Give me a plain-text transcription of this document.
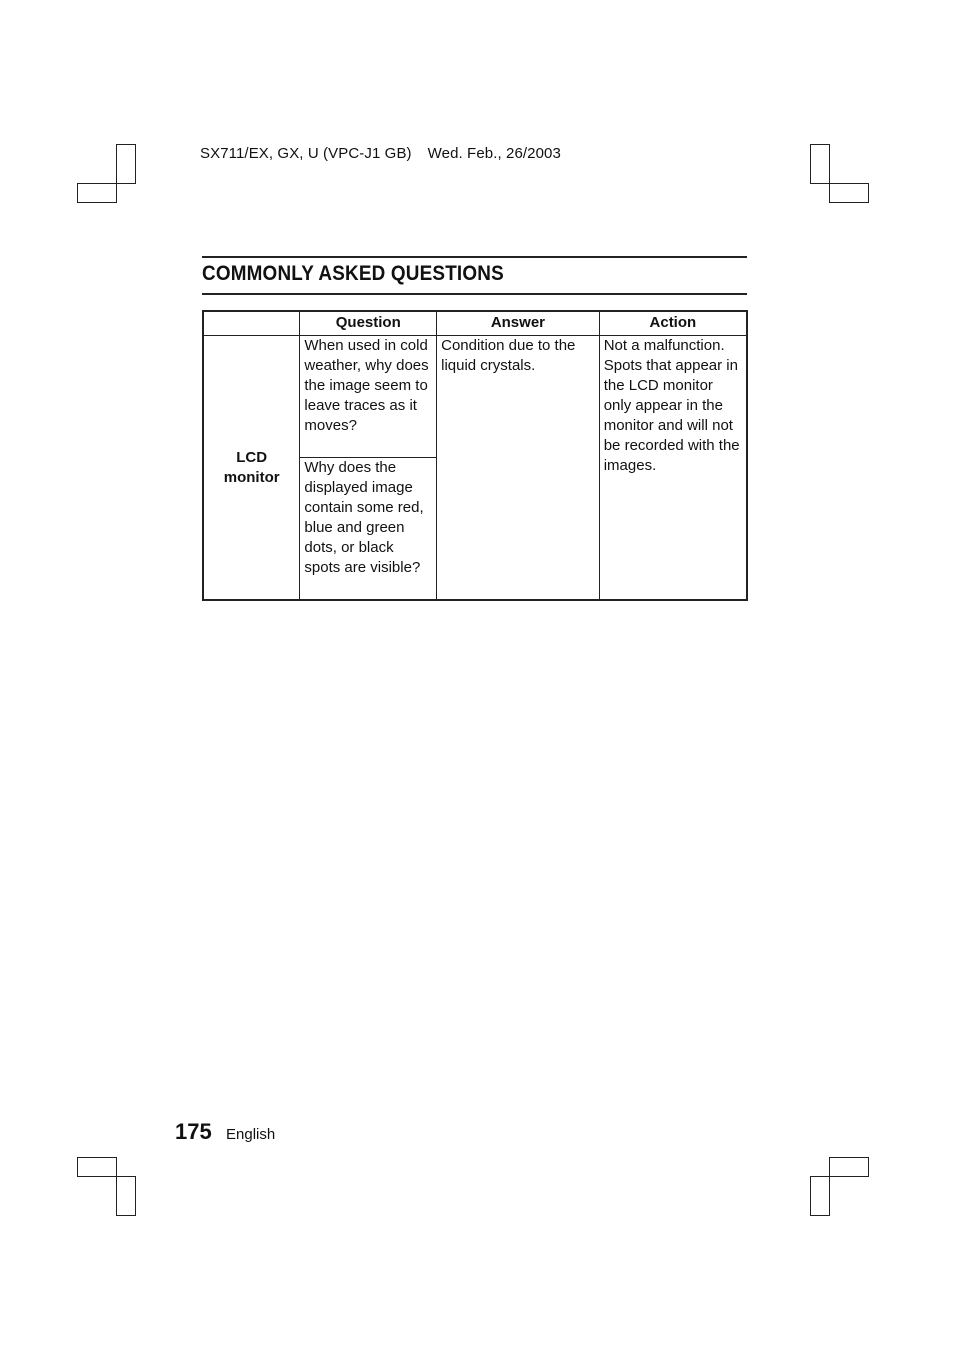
SX711/EX, GX, U (VPC-J1 GB) Wed. Feb., 26/2003
COMMONLY ASKED QUESTIONS
	Question	Answer	Action
LCD monitor	When used in cold weather, why does the image seem to leave traces as it moves?	Condition due to the liquid crystals.	Not a malfunction. Spots that appear in the LCD monitor only appear in the monitor and will not be recorded with the images.
	Why does the displayed image contain some red, blue and green dots, or black spots are visible?		
175 English
